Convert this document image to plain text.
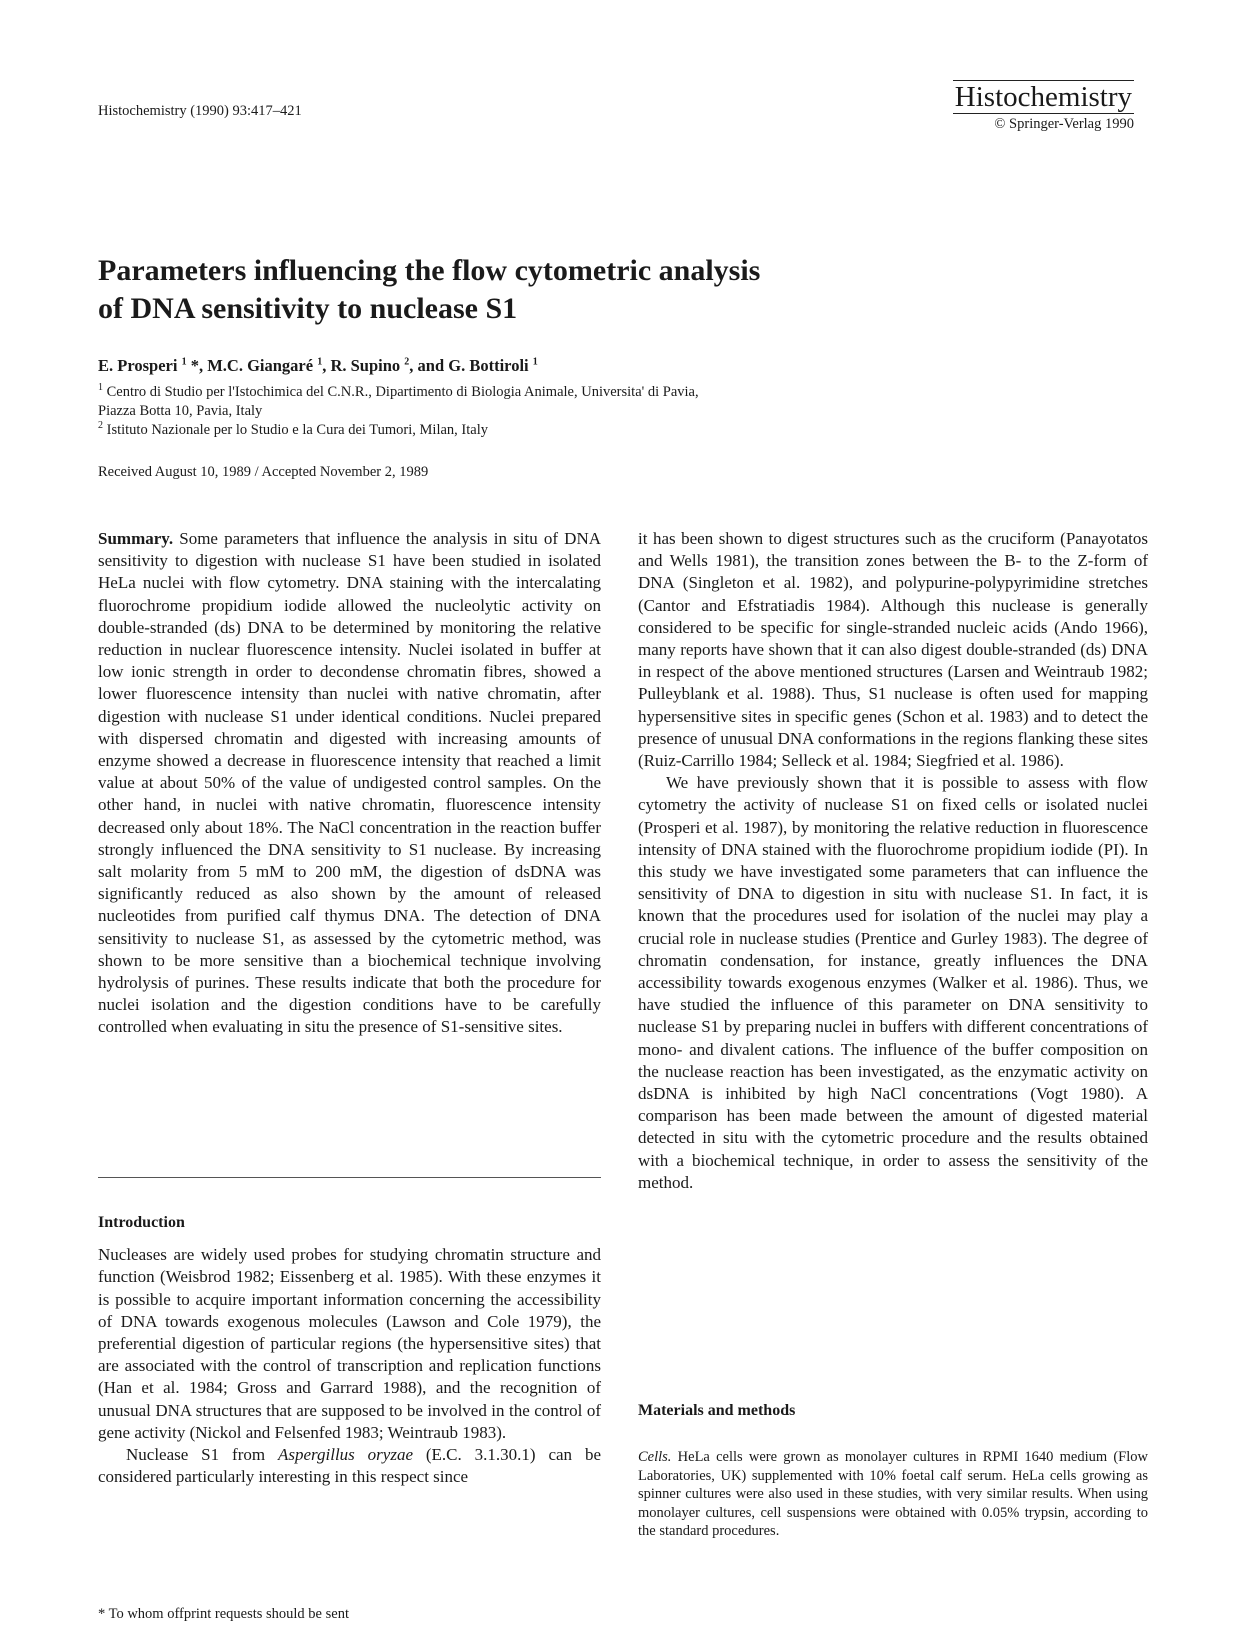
Histochemistry (1990) 93:417–421	Histochemistry
© Springer-Verlag 1990
Parameters influencing the flow cytometric analysis
of DNA sensitivity to nuclease S1
E. Prosperi $^1$ *, M.C. Giangaré $^1$, R. Supino $^2$, and G. Bottiroli $^1$
$^1$ Centro di Studio per l'Istochimica del C.N.R., Dipartimento di Biologia Animale, Universita' di Pavia,
Piazza Botta 10, Pavia, Italy
$^2$ Istituto Nazionale per lo Studio e la Cura dei Tumori, Milan, Italy
Received August 10, 1989 / Accepted November 2, 1989

Summary. Some parameters that influence the analysis in situ of DNA sensitivity to digestion with nuclease S1 have been studied in isolated HeLa nuclei with flow cytometry. DNA staining with the intercalating fluorochrome propidium iodide allowed the nucleolytic activity on double-stranded (ds) DNA to be determined by monitoring the relative reduction in nuclear fluorescence intensity. Nuclei isolated in buffer at low ionic strength in order to decondense chromatin fibres, showed a lower fluorescence intensity than nuclei with native chromatin, after digestion with nuclease S1 under identical conditions. Nuclei prepared with dispersed chromatin and digested with increasing amounts of enzyme showed a decrease in fluorescence intensity that reached a limit value at about 50% of the value of undigested control samples. On the other hand, in nuclei with native chromatin, fluorescence intensity decreased only about 18%. The NaCl concentration in the reaction buffer strongly influenced the DNA sensitivity to S1 nuclease. By increasing salt molarity from 5 mM to 200 mM, the digestion of dsDNA was significantly reduced as also shown by the amount of released nucleotides from purified calf thymus DNA. The detection of DNA sensitivity to nuclease S1, as assessed by the cytometric method, was shown to be more sensitive than a biochemical technique involving hydrolysis of purines. These results indicate that both the procedure for nuclei isolation and the digestion conditions have to be carefully controlled when evaluating in situ the presence of S1-sensitive sites.

Introduction

Nucleases are widely used probes for studying chromatin structure and function (Weisbrod 1982; Eissenberg et al. 1985). With these enzymes it is possible to acquire important information concerning the accessibility of DNA towards exogenous molecules (Lawson and Cole 1979), the preferential digestion of particular regions (the hypersensitive sites) that are associated with the control of transcription and replication functions (Han et al. 1984; Gross and Garrard 1988), and the recognition of unusual DNA structures that are supposed to be involved in the control of gene activity (Nickol and Felsenfed 1983; Weintraub 1983).

Nuclease S1 from Aspergillus oryzae (E.C. 3.1.30.1) can be considered particularly interesting in this respect since

* To whom offprint requests should be sent

it has been shown to digest structures such as the cruciform (Panayotatos and Wells 1981), the transition zones between the B- to the Z-form of DNA (Singleton et al. 1982), and polypurine-polypyrimidine stretches (Cantor and Efstratiadis 1984). Although this nuclease is generally considered to be specific for single-stranded nucleic acids (Ando 1966), many reports have shown that it can also digest double-stranded (ds) DNA in respect of the above mentioned structures (Larsen and Weintraub 1982; Pulleyblank et al. 1988). Thus, S1 nuclease is often used for mapping hypersensitive sites in specific genes (Schon et al. 1983) and to detect the presence of unusual DNA conformations in the regions flanking these sites (Ruiz-Carrillo 1984; Selleck et al. 1984; Siegfried et al. 1986).

We have previously shown that it is possible to assess with flow cytometry the activity of nuclease S1 on fixed cells or isolated nuclei (Prosperi et al. 1987), by monitoring the relative reduction in fluorescence intensity of DNA stained with the fluorochrome propidium iodide (PI). In this study we have investigated some parameters that can influence the sensitivity of DNA to digestion in situ with nuclease S1. In fact, it is known that the procedures used for isolation of the nuclei may play a crucial role in nuclease studies (Prentice and Gurley 1983). The degree of chromatin condensation, for instance, greatly influences the DNA accessibility towards exogenous enzymes (Walker et al. 1986). Thus, we have studied the influence of this parameter on DNA sensitivity to nuclease S1 by preparing nuclei in buffers with different concentrations of mono- and divalent cations. The influence of the buffer composition on the nuclease reaction has been investigated, as the enzymatic activity on dsDNA is inhibited by high NaCl concentrations (Vogt 1980). A comparison has been made between the amount of digested material detected in situ with the cytometric procedure and the results obtained with a biochemical technique, in order to assess the sensitivity of the method.

Materials and methods

Cells. HeLa cells were grown as monolayer cultures in RPMI 1640 medium (Flow Laboratories, UK) supplemented with 10% foetal calf serum. HeLa cells growing as spinner cultures were also used in these studies, with very similar results. When using monolayer cultures, cell suspensions were obtained with 0.05% trypsin, according to the standard procedures.
